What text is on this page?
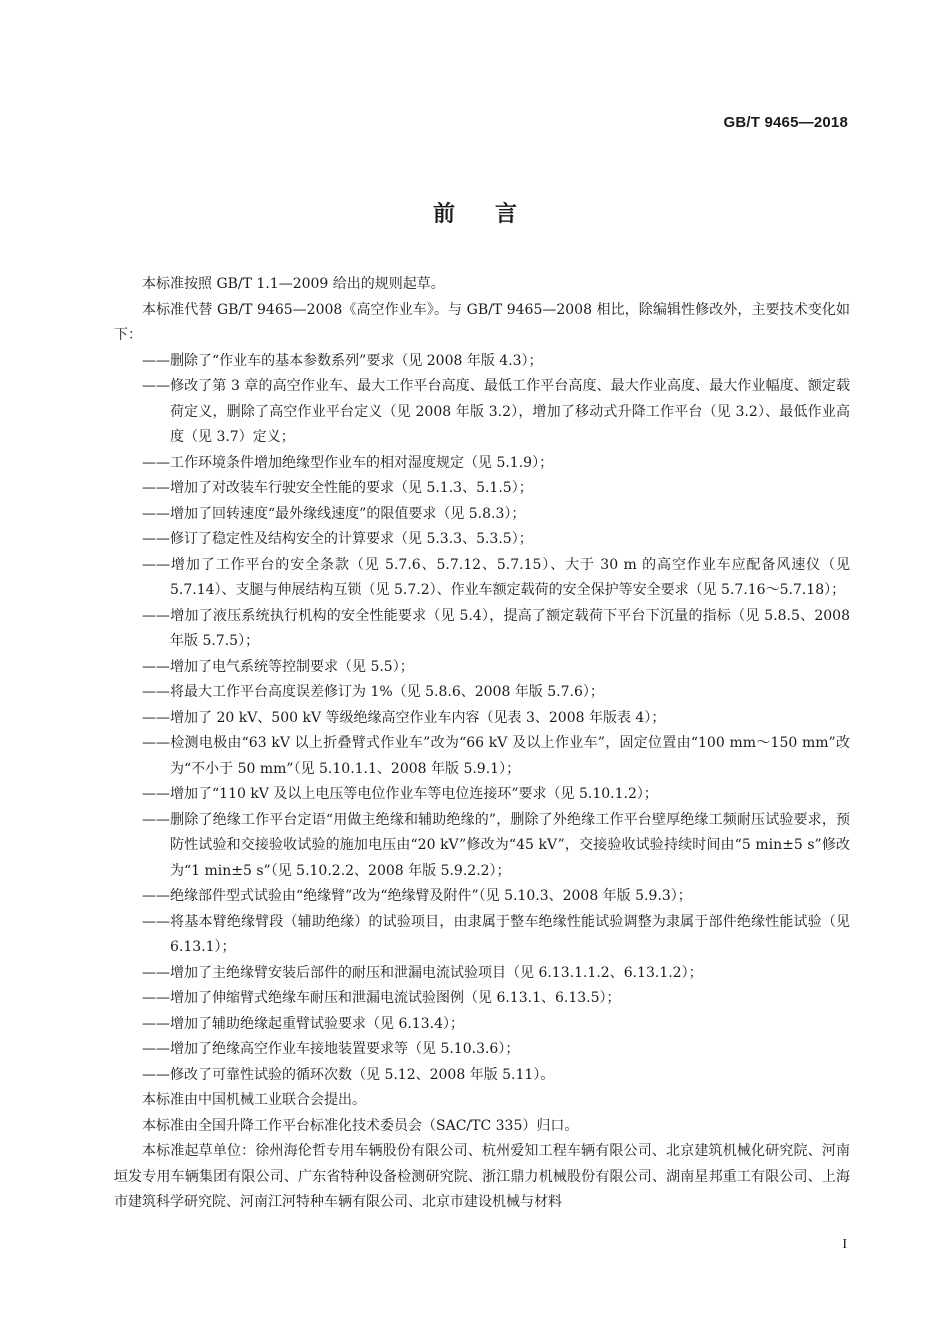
GB/T 9465—2018
前言

本标准按照 GB/T 1.1—2009 给出的规则起草。

本标准代替 GB/T 9465—2008《高空作业车》。与 GB/T 9465—2008 相比，除编辑性修改外，主要技术变化如下：

——删除了“作业车的基本参数系列”要求（见 2008 年版 4.3）；

——修改了第 3 章的高空作业车、最大工作平台高度、最低工作平台高度、最大作业高度、最大作业幅度、额定载荷定义，删除了高空作业平台定义（见 2008 年版 3.2），增加了移动式升降工作平台（见 3.2）、最低作业高度（见 3.7）定义；

——工作环境条件增加绝缘型作业车的相对湿度规定（见 5.1.9）；

——增加了对改装车行驶安全性能的要求（见 5.1.3、5.1.5）；

——增加了回转速度“最外缘线速度”的限值要求（见 5.8.3）；

——修订了稳定性及结构安全的计算要求（见 5.3.3、5.3.5）；

——增加了工作平台的安全条款（见 5.7.6、5.7.12、5.7.15）、大于 30 m 的高空作业车应配备风速仪（见 5.7.14）、支腿与伸展结构互锁（见 5.7.2）、作业车额定载荷的安全保护等安全要求（见 5.7.16～5.7.18）；

——增加了液压系统执行机构的安全性能要求（见 5.4），提高了额定载荷下平台下沉量的指标（见 5.8.5、2008 年版 5.7.5）；

——增加了电气系统等控制要求（见 5.5）；

——将最大工作平台高度误差修订为 1%（见 5.8.6、2008 年版 5.7.6）；

——增加了 20 kV、500 kV 等级绝缘高空作业车内容（见表 3、2008 年版表 4）；

——检测电极由“63 kV 以上折叠臂式作业车”改为“66 kV 及以上作业车”，固定位置由“100 mm～150 mm”改为“不小于 50 mm”（见 5.10.1.1、2008 年版 5.9.1）；

——增加了“110 kV 及以上电压等电位作业车等电位连接环”要求（见 5.10.1.2）；

——删除了绝缘工作平台定语“用做主绝缘和辅助绝缘的”，删除了外绝缘工作平台壁厚绝缘工频耐压试验要求，预防性试验和交接验收试验的施加电压由“20 kV”修改为“45 kV”，交接验收试验持续时间由“5 min±5 s”修改为“1 min±5 s”（见 5.10.2.2、2008 年版 5.9.2.2）；

——绝缘部件型式试验由“绝缘臂”改为“绝缘臂及附件”（见 5.10.3、2008 年版 5.9.3）；

——将基本臂绝缘臂段（辅助绝缘）的试验项目，由隶属于整车绝缘性能试验调整为隶属于部件绝缘性能试验（见 6.13.1）；

——增加了主绝缘臂安装后部件的耐压和泄漏电流试验项目（见 6.13.1.1.2、6.13.1.2）；

——增加了伸缩臂式绝缘车耐压和泄漏电流试验图例（见 6.13.1、6.13.5）；

——增加了辅助绝缘起重臂试验要求（见 6.13.4）；

——增加了绝缘高空作业车接地装置要求等（见 5.10.3.6）；

——修改了可靠性试验的循环次数（见 5.12、2008 年版 5.11）。

本标准由中国机械工业联合会提出。

本标准由全国升降工作平台标准化技术委员会（SAC/TC 335）归口。

本标准起草单位：徐州海伦哲专用车辆股份有限公司、杭州爱知工程车辆有限公司、北京建筑机械化研究院、河南垣发专用车辆集团有限公司、广东省特种设备检测研究院、浙江鼎力机械股份有限公司、湖南星邦重工有限公司、上海市建筑科学研究院、河南江河特种车辆有限公司、北京市建设机械与材料

I
